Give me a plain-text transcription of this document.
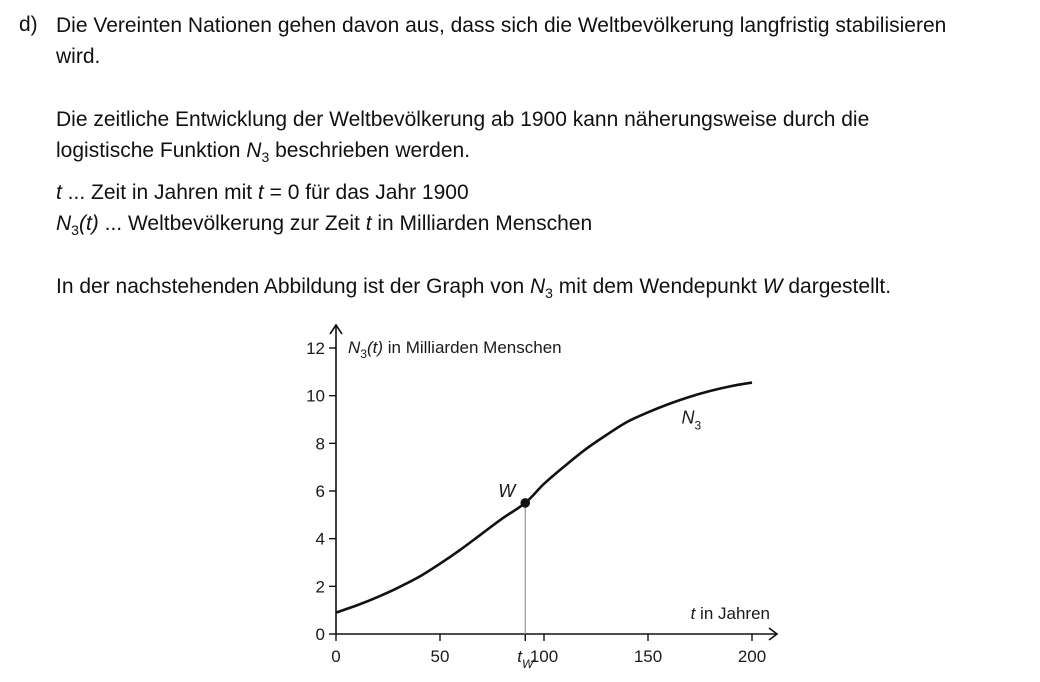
d) Die Vereinten Nationen gehen davon aus, dass sich die Weltbevölkerung langfristig stabilisieren
wird.
Die zeitliche Entwicklung der Weltbevölkerung ab 1900 kann näherungsweise durch die
logistische Funktion $N_3$ beschrieben werden.
t ... Zeit in Jahren mit t = 0 für das Jahr 1900
$N_3(t)$ ... Weltbevölkerung zur Zeit t in Milliarden Menschen
In der nachstehenden Abbildung ist der Graph von $N_3$ mit dem Wendepunkt W dargestellt.
0
2
4
6
8
10
12
0	50	100	150	200
W
$t_W$
$N_3$
$N_3(t)$ in Milliarden Menschen
t in Jahren
